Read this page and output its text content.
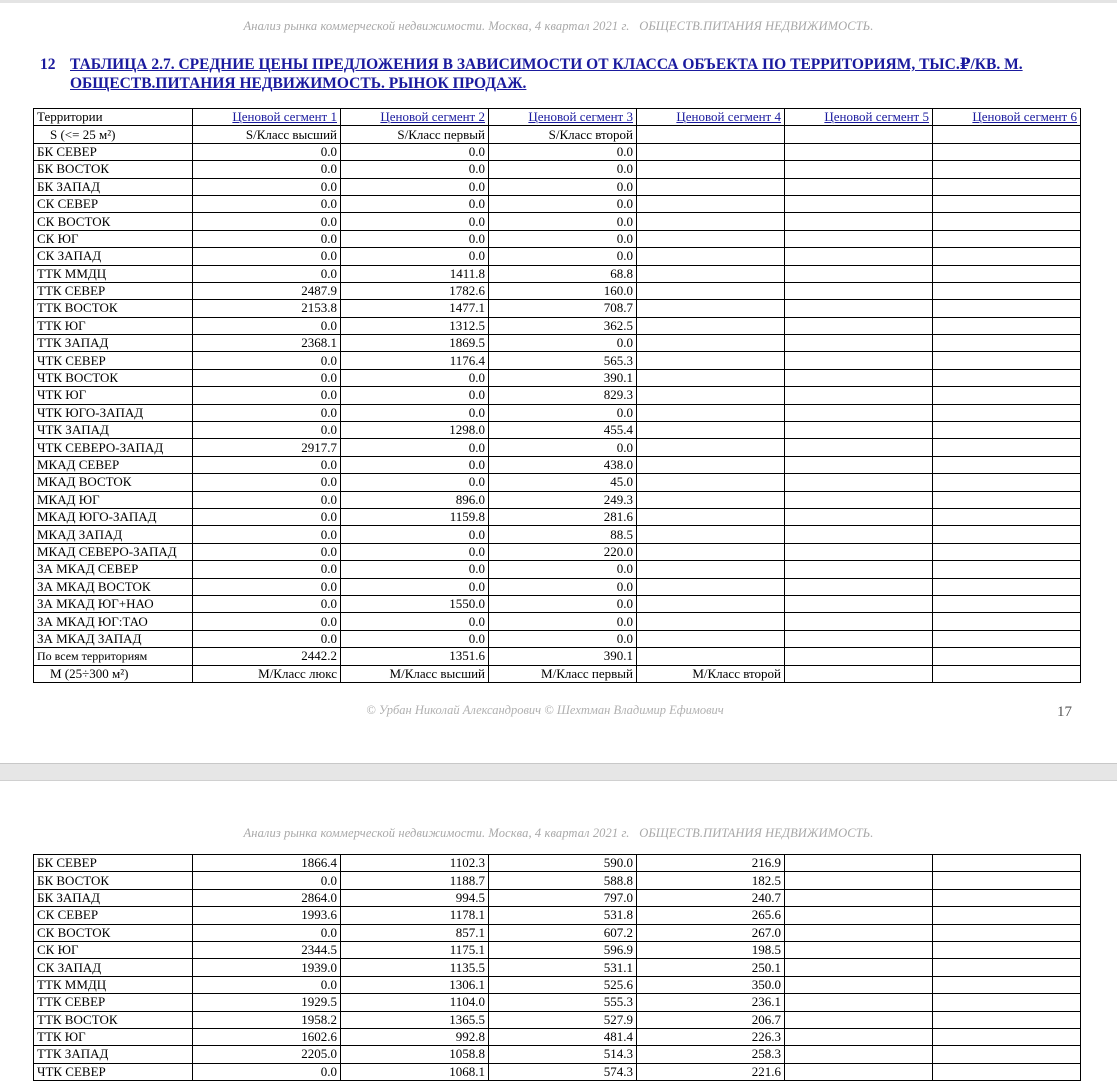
Анализ рынка коммерческой недвижимости. Москва, 4 квартал 2021 г. ОБЩЕСТВ.ПИТАНИЯ НЕДВИЖИМОСТЬ.
12 ТАБЛИЦА 2.7. СРЕДНИЕ ЦЕНЫ ПРЕДЛОЖЕНИЯ В ЗАВИСИМОСТИ ОТ КЛАССА ОБЪЕКТА ПО ТЕРРИТОРИЯМ, ТЫС.₽/КВ. М. ОБЩЕСТВ.ПИТАНИЯ НЕДВИЖИМОСТЬ. РЫНОК ПРОДАЖ.
Территории	Ценовой сегмент 1	Ценовой сегмент 2	Ценовой сегмент 3	Ценовой сегмент 4	Ценовой сегмент 5	Ценовой сегмент 6
S (<= 25 м²)	S/Класс высший	S/Класс первый	S/Класс второй			
БК СЕВЕР	0.0	0.0	0.0			
БК ВОСТОК	0.0	0.0	0.0			
БК ЗАПАД	0.0	0.0	0.0			
СК СЕВЕР	0.0	0.0	0.0			
СК ВОСТОК	0.0	0.0	0.0			
СК ЮГ	0.0	0.0	0.0			
СК ЗАПАД	0.0	0.0	0.0			
ТТК ММДЦ	0.0	1411.8	68.8			
ТТК СЕВЕР	2487.9	1782.6	160.0			
ТТК ВОСТОК	2153.8	1477.1	708.7			
ТТК ЮГ	0.0	1312.5	362.5			
ТТК ЗАПАД	2368.1	1869.5	0.0			
ЧТК СЕВЕР	0.0	1176.4	565.3			
ЧТК ВОСТОК	0.0	0.0	390.1			
ЧТК ЮГ	0.0	0.0	829.3			
ЧТК ЮГО-ЗАПАД	0.0	0.0	0.0			
ЧТК ЗАПАД	0.0	1298.0	455.4			
ЧТК СЕВЕРО-ЗАПАД	2917.7	0.0	0.0			
МКАД СЕВЕР	0.0	0.0	438.0			
МКАД ВОСТОК	0.0	0.0	45.0			
МКАД ЮГ	0.0	896.0	249.3			
МКАД ЮГО-ЗАПАД	0.0	1159.8	281.6			
МКАД ЗАПАД	0.0	0.0	88.5			
МКАД СЕВЕРО-ЗАПАД	0.0	0.0	220.0			
ЗА МКАД СЕВЕР	0.0	0.0	0.0			
ЗА МКАД ВОСТОК	0.0	0.0	0.0			
ЗА МКАД ЮГ+НАО	0.0	1550.0	0.0			
ЗА МКАД ЮГ:ТАО	0.0	0.0	0.0			
ЗА МКАД ЗАПАД	0.0	0.0	0.0			
По всем территориям	2442.2	1351.6	390.1			
M (25÷300 м²)	M/Класс люкс	M/Класс высший	M/Класс первый	M/Класс второй		
© Урбан Николай Александрович © Шехтман Владимир Ефимович	17
Анализ рынка коммерческой недвижимости. Москва, 4 квартал 2021 г. ОБЩЕСТВ.ПИТАНИЯ НЕДВИЖИМОСТЬ.
БК СЕВЕР	1866.4	1102.3	590.0	216.9		
БК ВОСТОК	0.0	1188.7	588.8	182.5		
БК ЗАПАД	2864.0	994.5	797.0	240.7		
СК СЕВЕР	1993.6	1178.1	531.8	265.6		
СК ВОСТОК	0.0	857.1	607.2	267.0		
СК ЮГ	2344.5	1175.1	596.9	198.5		
СК ЗАПАД	1939.0	1135.5	531.1	250.1		
ТТК ММДЦ	0.0	1306.1	525.6	350.0		
ТТК СЕВЕР	1929.5	1104.0	555.3	236.1		
ТТК ВОСТОК	1958.2	1365.5	527.9	206.7		
ТТК ЮГ	1602.6	992.8	481.4	226.3		
ТТК ЗАПАД	2205.0	1058.8	514.3	258.3		
ЧТК СЕВЕР	0.0	1068.1	574.3	221.6		
